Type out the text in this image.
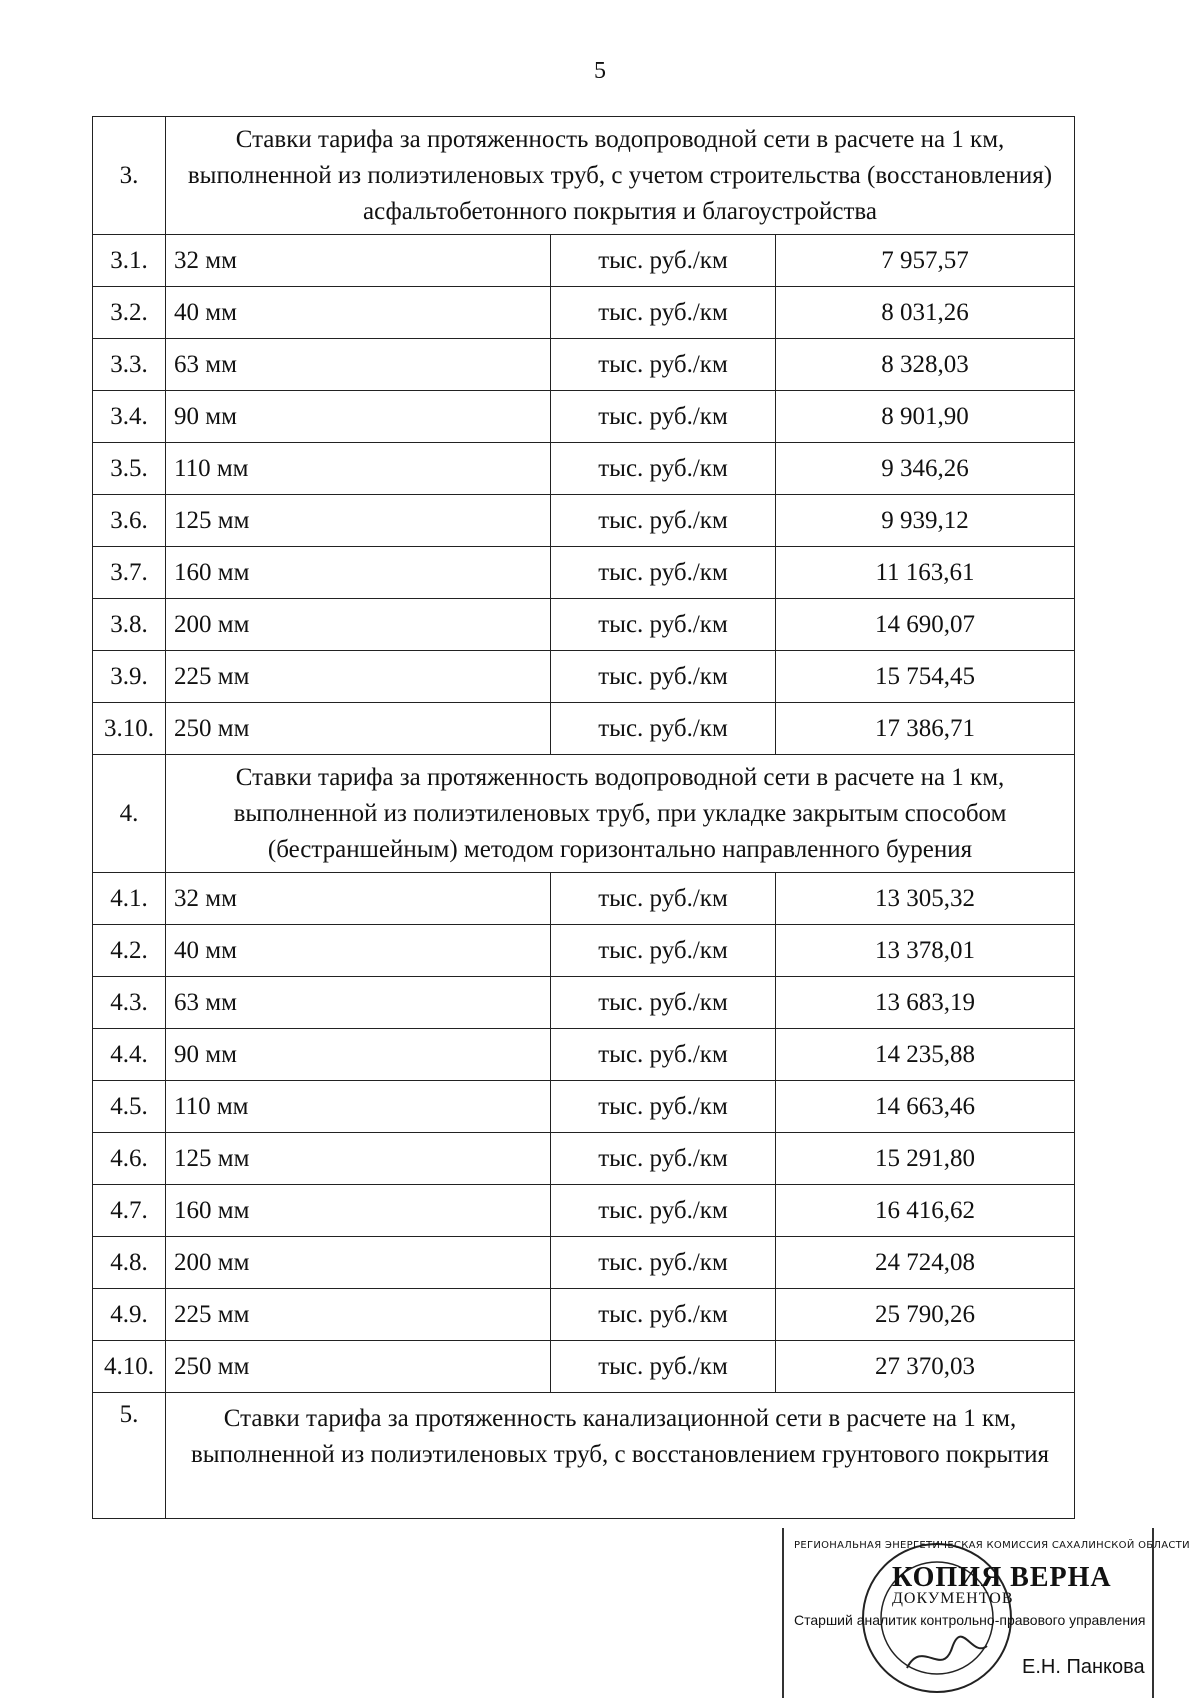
5
3.	Ставки тарифа за протяженность водопроводной сети в расчете на 1 км, выполненной из полиэтиленовых труб, с учетом строительства (восстановления) асфальтобетонного покрытия и благоустройства		
3.1.	32 мм	тыс. руб./км	7 957,57
3.2.	40 мм	тыс. руб./км	8 031,26
3.3.	63 мм	тыс. руб./км	8 328,03
3.4.	90 мм	тыс. руб./км	8 901,90
3.5.	110 мм	тыс. руб./км	9 346,26
3.6.	125 мм	тыс. руб./км	9 939,12
3.7.	160 мм	тыс. руб./км	11 163,61
3.8.	200 мм	тыс. руб./км	14 690,07
3.9.	225 мм	тыс. руб./км	15 754,45
3.10.	250 мм	тыс. руб./км	17 386,71
4.	Ставки тарифа за протяженность водопроводной сети в расчете на 1 км, выполненной из полиэтиленовых труб, при укладке закрытым способом (бестраншейным) методом горизонтально направленного бурения		
4.1.	32 мм	тыс. руб./км	13 305,32
4.2.	40 мм	тыс. руб./км	13 378,01
4.3.	63 мм	тыс. руб./км	13 683,19
4.4.	90 мм	тыс. руб./км	14 235,88
4.5.	110 мм	тыс. руб./км	14 663,46
4.6.	125 мм	тыс. руб./км	15 291,80
4.7.	160 мм	тыс. руб./км	16 416,62
4.8.	200 мм	тыс. руб./км	24 724,08
4.9.	225 мм	тыс. руб./км	25 790,26
4.10.	250 мм	тыс. руб./км	27 370,03
5.	Ставки тарифа за протяженность канализационной сети в расчете на 1 км, выполненной из полиэтиленовых труб, с восстановлением грунтового покрытия		
РЕГИОНАЛЬНАЯ ЭНЕРГЕТИЧЕСКАЯ КОМИССИЯ САХАЛИНСКОЙ ОБЛАСТИ
КОПИЯ ВЕРНА
ДОКУМЕНТОВ
Старший аналитик контрольно-правового управления
Е.Н. Панкова
